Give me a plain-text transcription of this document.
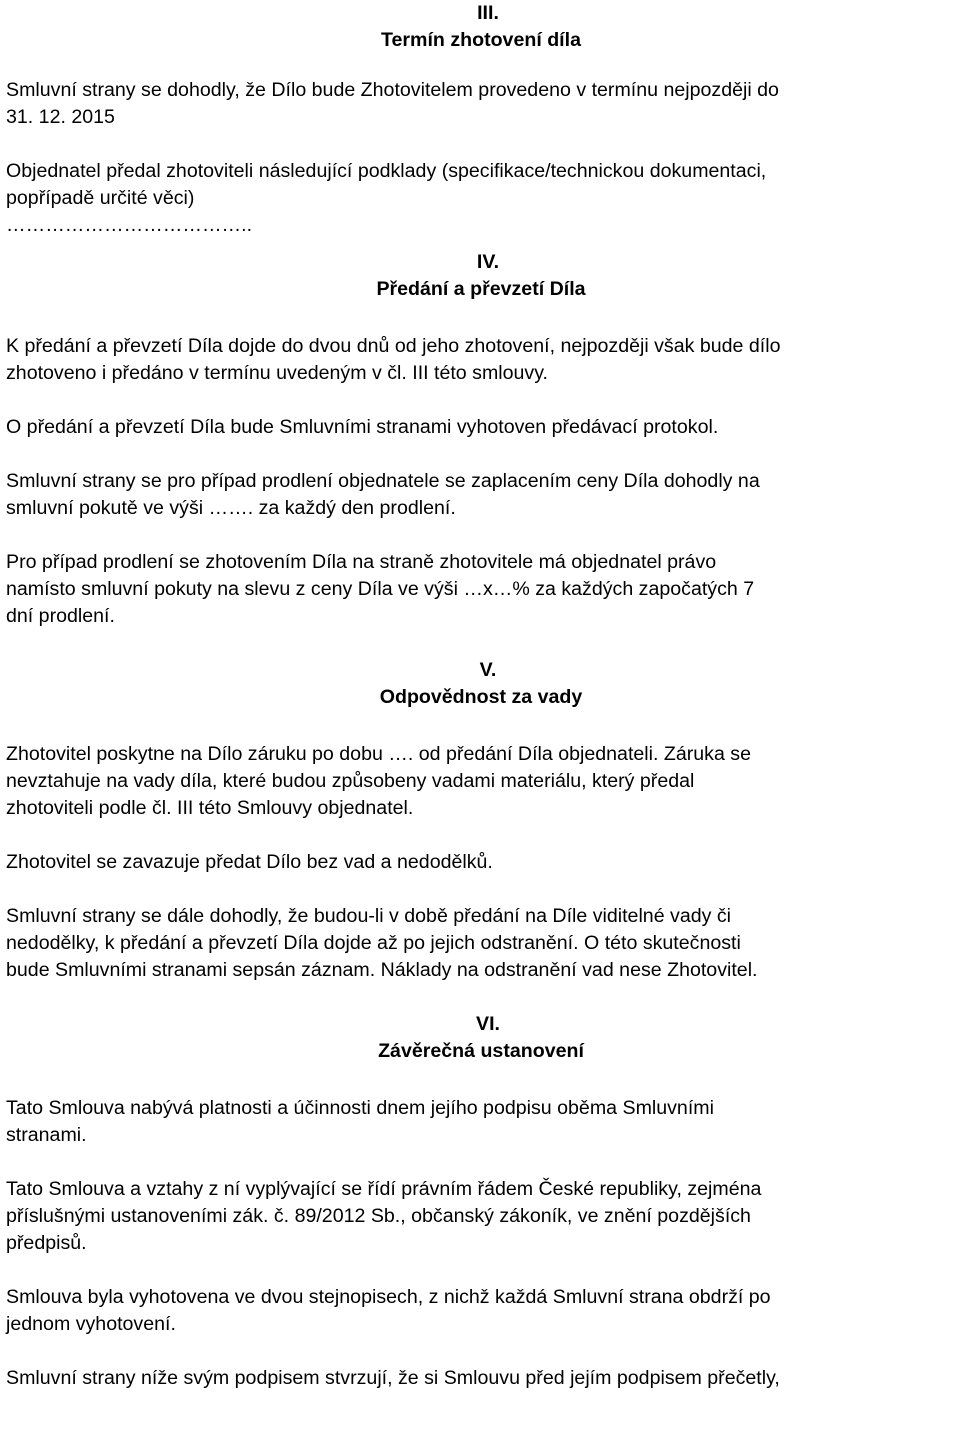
III.
Termín zhotovení díla
Smluvní strany se dohodly, že Dílo bude Zhotovitelem provedeno v termínu nejpozději do
31. 12. 2015
Objednatel předal zhotoviteli následující podklady (specifikace/technickou dokumentaci,
popřípadě určité věci)
………………………………..
IV.
Předání a převzetí Díla
K předání a převzetí Díla dojde do dvou dnů od jeho zhotovení, nejpozději však bude dílo
zhotoveno i předáno v termínu uvedeným v čl. III této smlouvy.
O předání a převzetí Díla bude Smluvními stranami vyhotoven předávací protokol.
Smluvní strany se pro případ prodlení objednatele se zaplacením ceny Díla dohodly na
smluvní pokutě ve výši ……. za každý den prodlení.
Pro případ prodlení se zhotovením Díla na straně zhotovitele má objednatel právo
namísto smluvní pokuty na slevu z ceny Díla ve výši …x…% za každých započatých 7
dní prodlení.
V.
Odpovědnost za vady
Zhotovitel poskytne na Dílo záruku po dobu …. od předání Díla objednateli. Záruka se
nevztahuje na vady díla, které budou způsobeny vadami materiálu, který předal
zhotoviteli podle čl. III této Smlouvy objednatel.
Zhotovitel se zavazuje předat Dílo bez vad a nedodělků.
Smluvní strany se dále dohodly, že budou-li v době předání na Díle viditelné vady či
nedodělky, k předání a převzetí Díla dojde až po jejich odstranění. O této skutečnosti
bude Smluvními stranami sepsán záznam. Náklady na odstranění vad nese Zhotovitel.
VI.
Závěrečná ustanovení
Tato Smlouva nabývá platnosti a účinnosti dnem jejího podpisu oběma Smluvními
stranami.
Tato Smlouva a vztahy z ní vyplývající se řídí právním řádem České republiky, zejména
příslušnými ustanoveními zák. č. 89/2012 Sb., občanský zákoník, ve znění pozdějších
předpisů.
Smlouva byla vyhotovena ve dvou stejnopisech, z nichž každá Smluvní strana obdrží po
jednom vyhotovení.
Smluvní strany níže svým podpisem stvrzují, že si Smlouvu před jejím podpisem přečetly,
